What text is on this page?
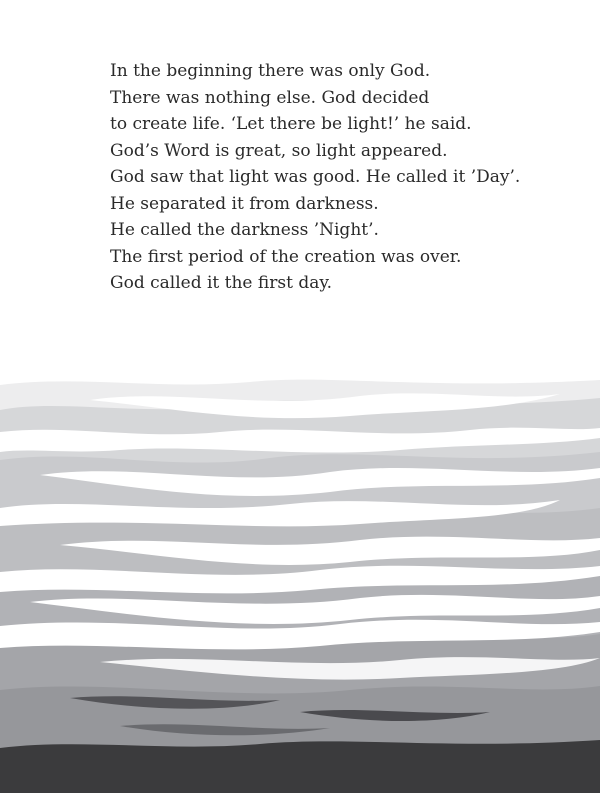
In the beginning there was only God.
There was nothing else. God decided
to create life. ‘Let there be light!’ he said.
God’s Word is great, so light appeared.
God saw that light was good. He called it ’Day’.
He separated it from darkness.
He called the darkness ’Night’.
The first period of the creation was over.
God called it the first day.
